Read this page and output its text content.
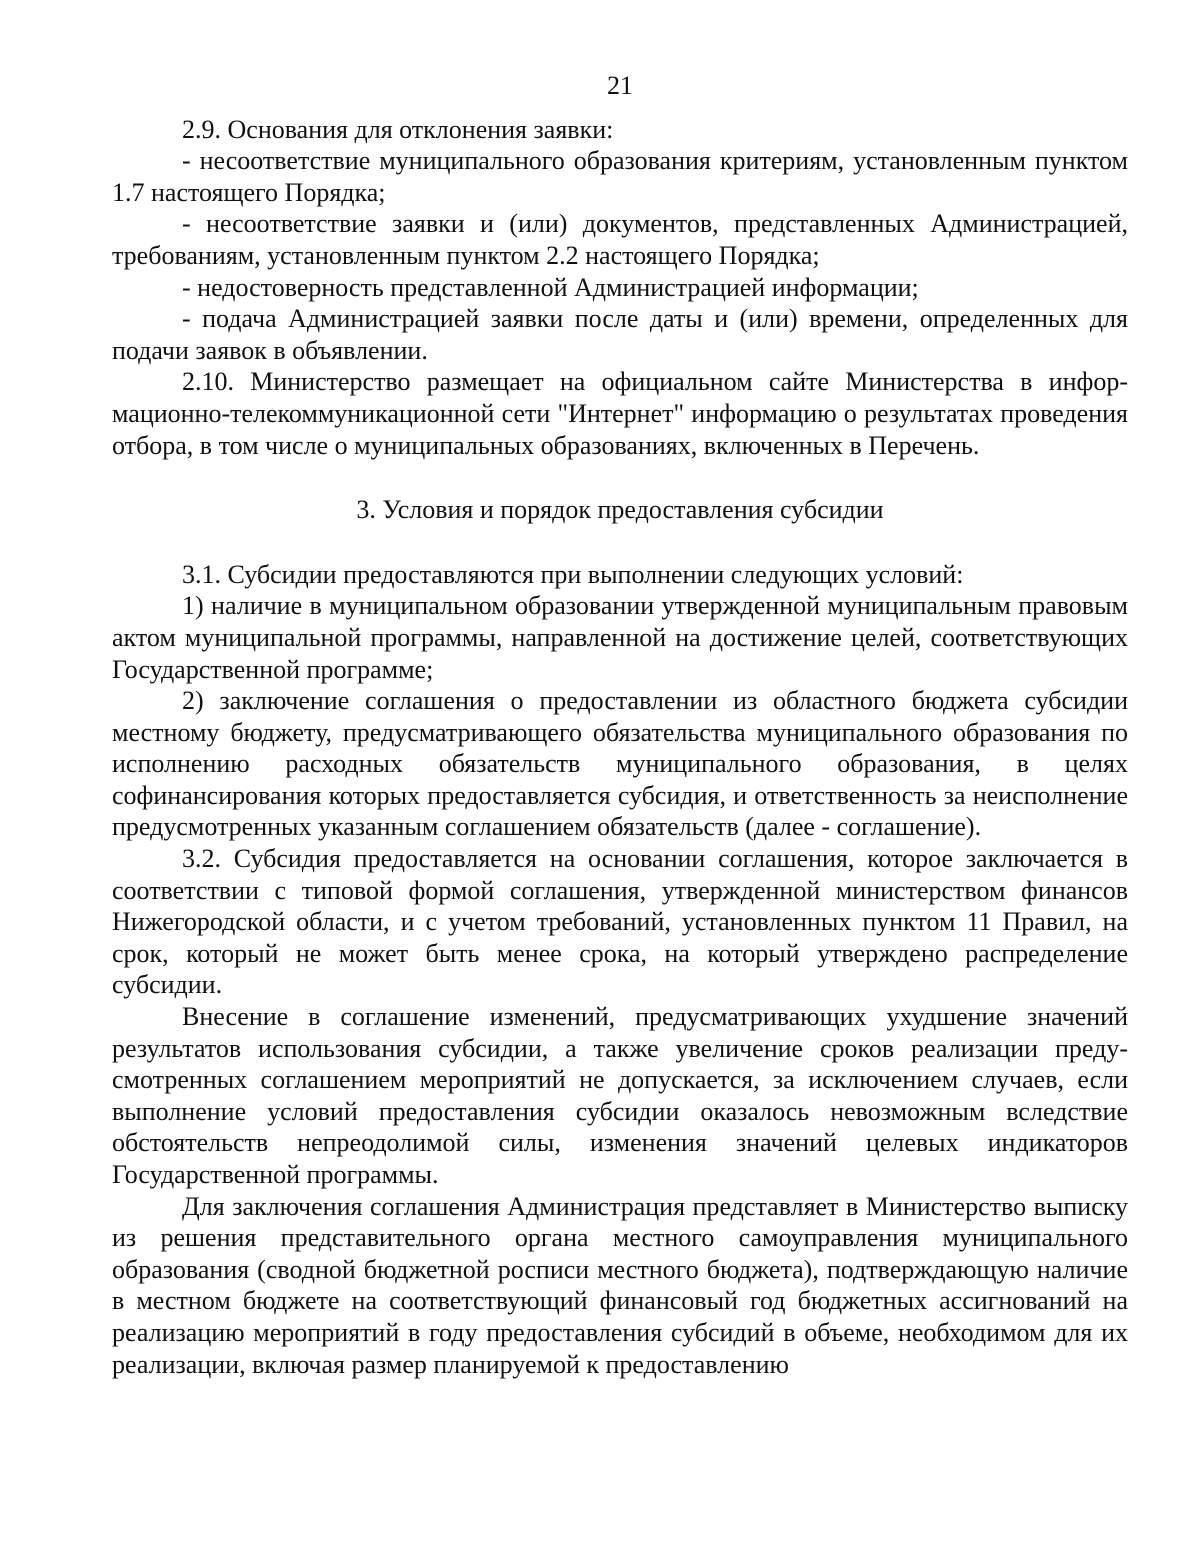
21

2.9. Основания для отклонения заявки:

- несоответствие муниципального образования критериям, установленным пунктом 1.7 настоящего Порядка;

- несоответствие заявки и (или) документов, представленных Администрацией, требованиям, установленным пунктом 2.2 настоящего Порядка;

- недостоверность представленной Администрацией информации;

- подача Администрацией заявки после даты и (или) времени, определенных для подачи заявок в объявлении.

2.10. Министерство размещает на официальном сайте Министерства в информационно-телекоммуникационной сети "Интернет" информацию о результатах проведения отбора, в том числе о муниципальных образованиях, включенных в Перечень.

3. Условия и порядок предоставления субсидии

3.1. Субсидии предоставляются при выполнении следующих условий:

1) наличие в муниципальном образовании утвержденной муниципальным правовым актом муниципальной программы, направленной на достижение целей, соответствующих Государственной программе;

2) заключение соглашения о предоставлении из областного бюджета субсидии местному бюджету, предусматривающего обязательства муниципального образования по исполнению расходных обязательств муниципального образования, в целях софинансирования которых предоставляется субсидия, и ответственность за неисполнение предусмотренных указанным соглашением обязательств (далее - соглашение).

3.2. Субсидия предоставляется на основании соглашения, которое заключается в соответствии с типовой формой соглашения, утвержденной министерством финансов Нижегородской области, и с учетом требований, установленных пунктом 11 Правил, на срок, который не может быть менее срока, на который утверждено распределение субсидии.

Внесение в соглашение изменений, предусматривающих ухудшение значений результатов использования субсидии, а также увеличение сроков реализации предусмотренных соглашением мероприятий не допускается, за исключением случаев, если выполнение условий предоставления субсидии оказалось невозможным вследствие обстоятельств непреодолимой силы, изменения значений целевых индикаторов Государственной программы.

Для заключения соглашения Администрация представляет в Министерство выписку из решения представительного органа местного самоуправления муниципального образования (сводной бюджетной росписи местного бюджета), подтверждающую наличие в местном бюджете на соответствующий финансовый год бюджетных ассигнований на реализацию мероприятий в году предоставления субсидий в объеме, необходимом для их реализации, включая размер планируемой к предоставлению
